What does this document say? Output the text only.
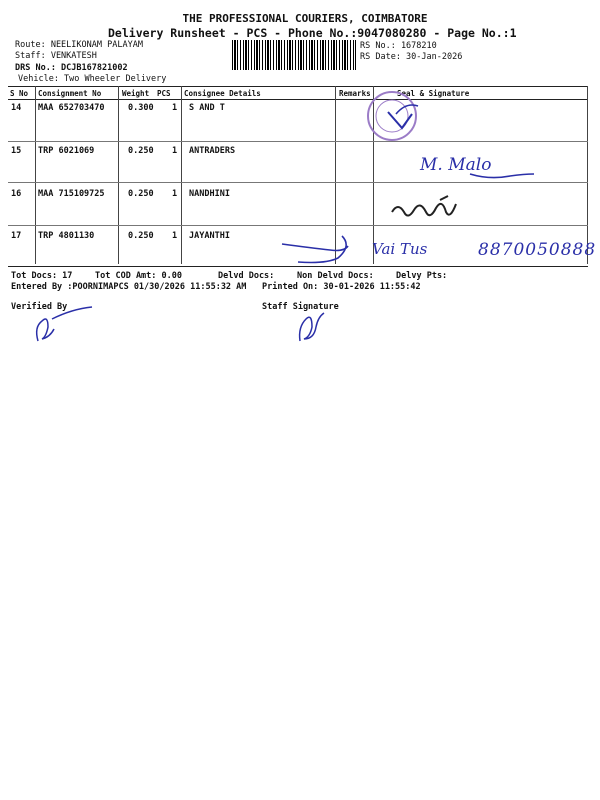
THE PROFESSIONAL COURIERS, COIMBATORE
Delivery Runsheet - PCS - Phone No.:9047080280 - Page No.:1
Route: NEELIKONAM PALAYAM
Staff: VENKATESH
DRS No.: DCJB167821002
Vehicle: Two Wheeler Delivery
RS No.: 1678210
RS Date: 30-Jan-2026
S No Consignment No	Weight PCS Consignee Details	Remarks	Seal & Signature
14 MAA 652703470	0.300 1 S AND T
15 TRP 6021069	0.250 1 ANTRADERS
16 MAA 715109725	0.250 1 NANDHINI
17 TRP 4801130	0.250 1 JAYANTHI
Tot Docs: 17	Tot COD Amt: 0.00	Delvd Docs:	Non Delvd Docs:	Delvy Pts:
Entered By :POORNIMAPCS 01/30/2026 11:55:32 AM Printed On: 30-01-2026 11:55:42
Verified By	Staff Signature
M. Malo
Vai Tus	8870050888
